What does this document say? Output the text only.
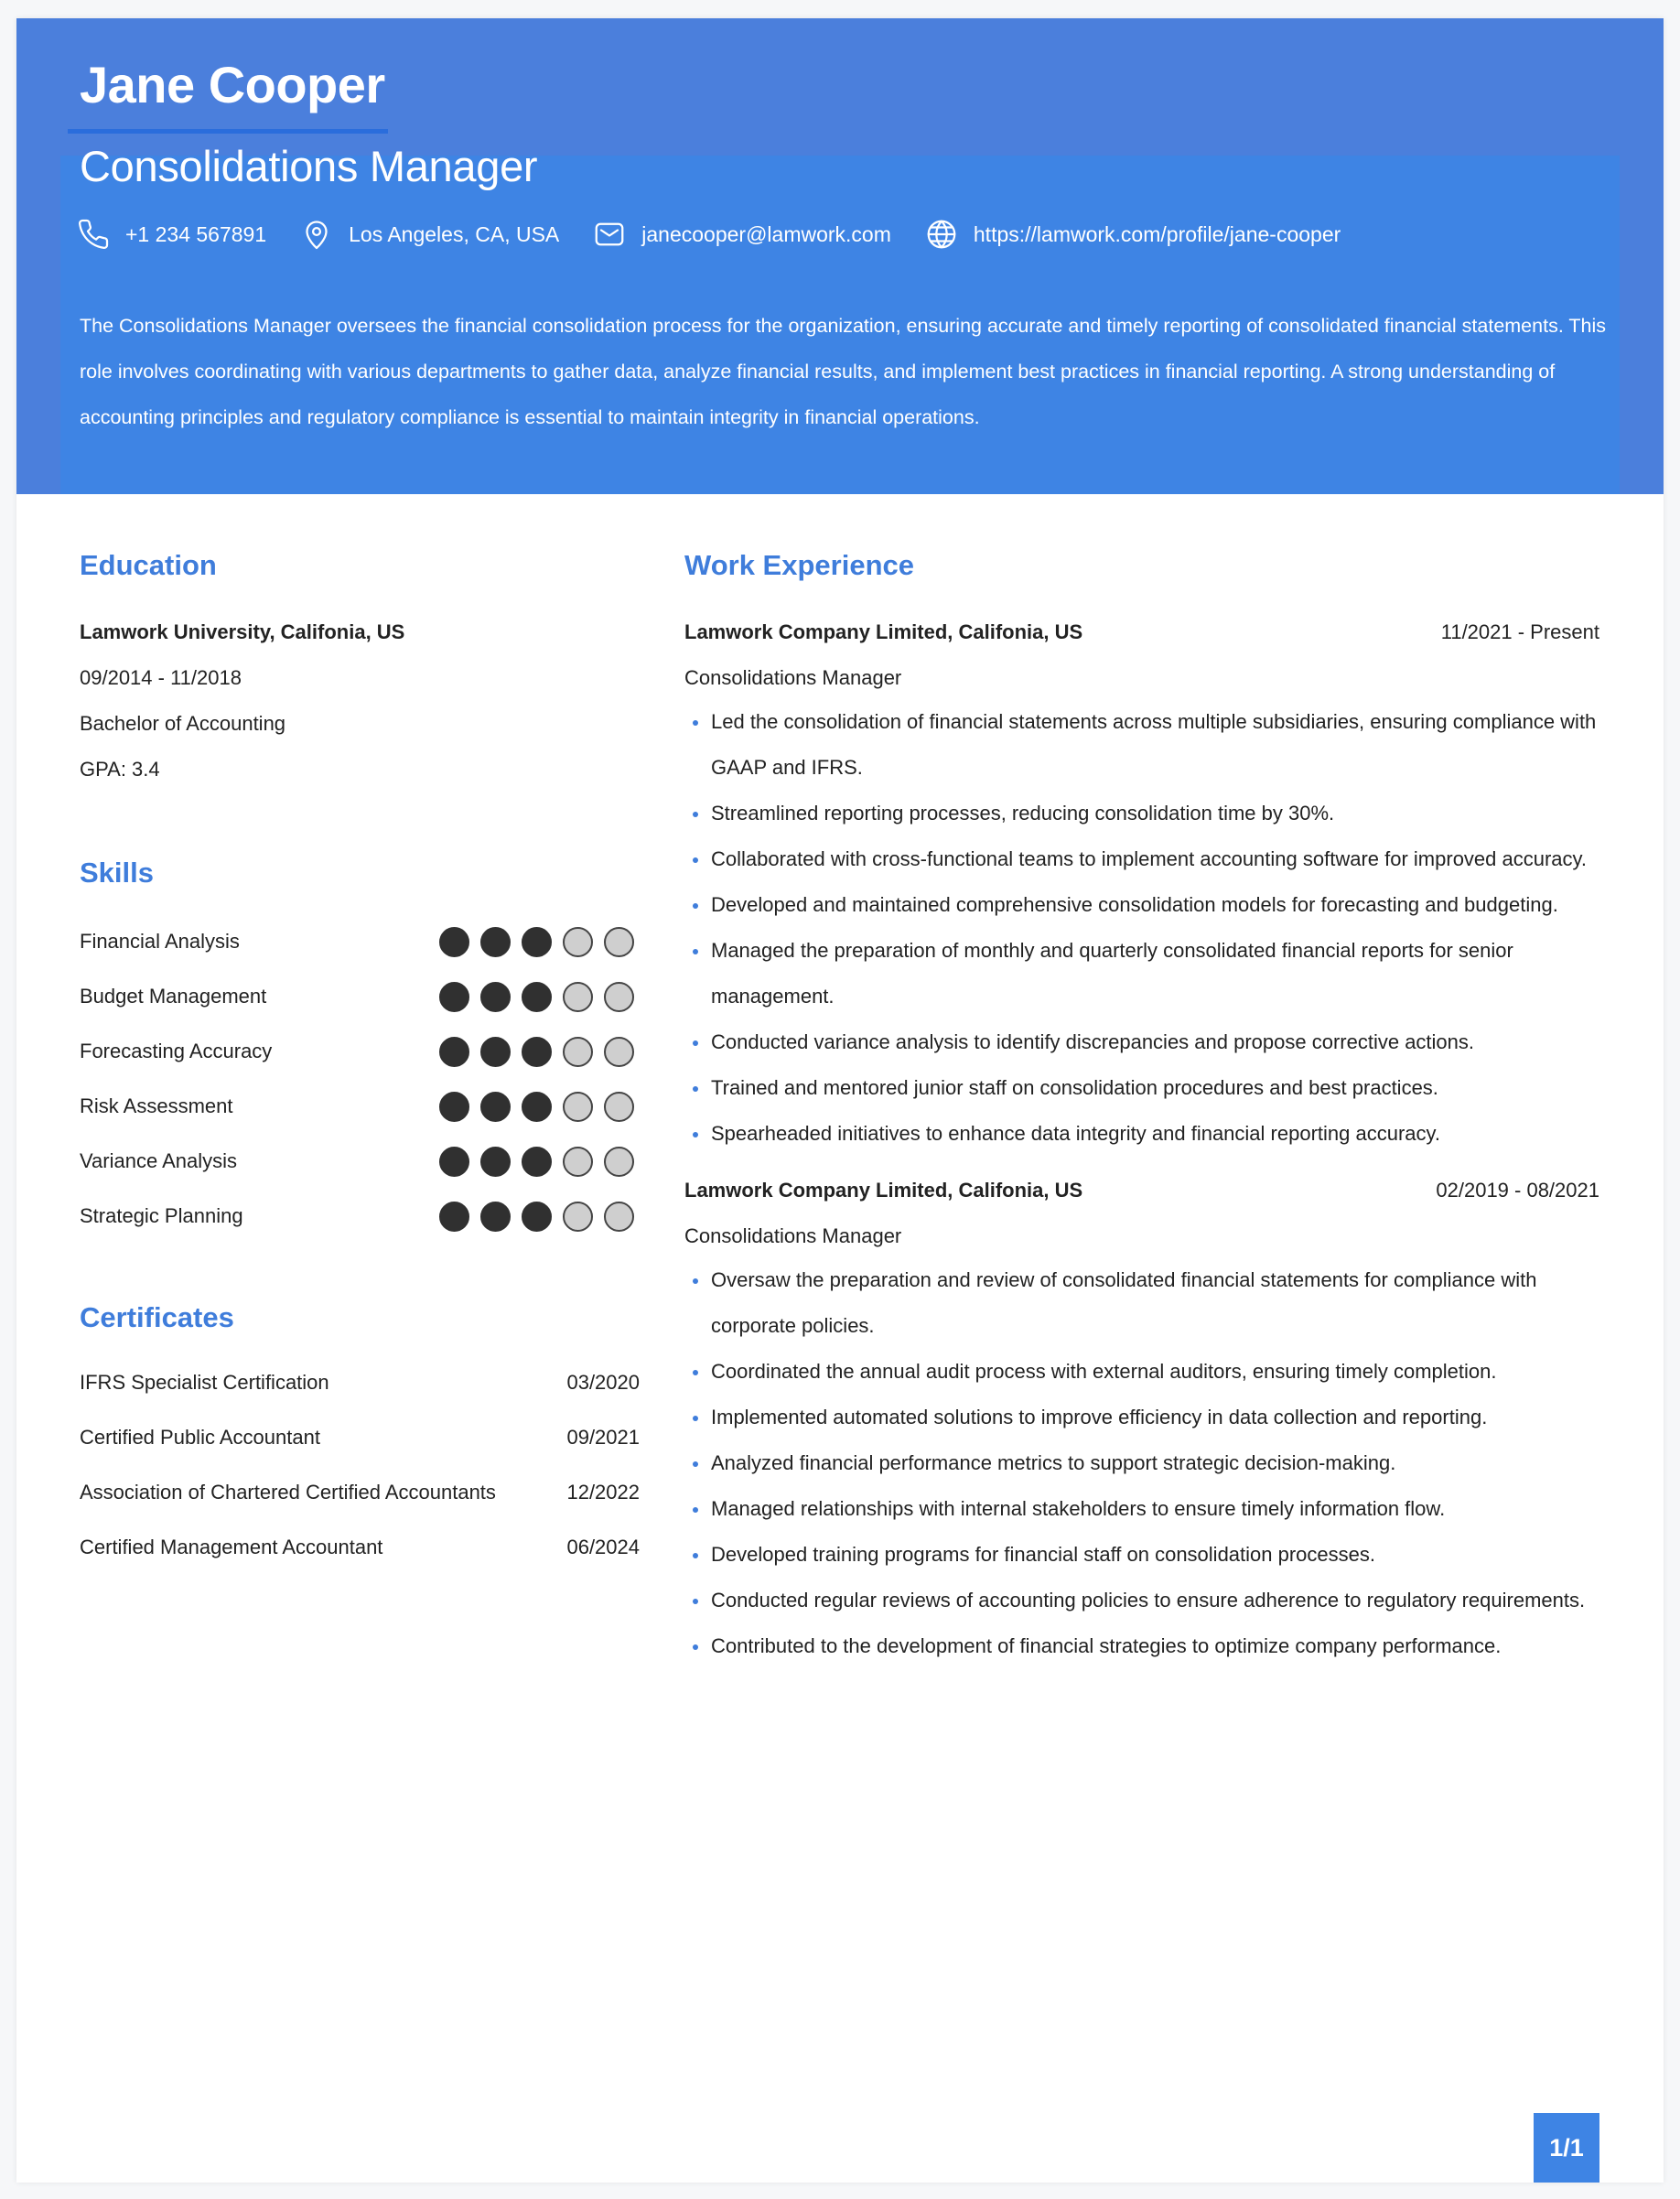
Jane Cooper
Consolidations Manager
+1 234 567891	Los Angeles, CA, USA	janecooper@lamwork.com	https://lamwork.com/profile/jane-cooper
The Consolidations Manager oversees the financial consolidation process for the organization, ensuring accurate and timely reporting of consolidated financial statements. This role involves coordinating with various departments to gather data, analyze financial results, and implement best practices in financial reporting. A strong understanding of accounting principles and regulatory compliance is essential to maintain integrity in financial operations.
Education
Lamwork University, Califonia, US
09/2014 - 11/2018
Bachelor of Accounting
GPA: 3.4
Skills
Financial Analysis
Budget Management
Forecasting Accuracy
Risk Assessment
Variance Analysis
Strategic Planning
Certificates
IFRS Specialist Certification	03/2020
Certified Public Accountant	09/2021
Association of Chartered Certified Accountants	12/2022
Certified Management Accountant	06/2024
Work Experience
Lamwork Company Limited, Califonia, US	11/2021 - Present
Consolidations Manager
Led the consolidation of financial statements across multiple subsidiaries, ensuring compliance with GAAP and IFRS.
Streamlined reporting processes, reducing consolidation time by 30%.
Collaborated with cross-functional teams to implement accounting software for improved accuracy.
Developed and maintained comprehensive consolidation models for forecasting and budgeting.
Managed the preparation of monthly and quarterly consolidated financial reports for senior management.
Conducted variance analysis to identify discrepancies and propose corrective actions.
Trained and mentored junior staff on consolidation procedures and best practices.
Spearheaded initiatives to enhance data integrity and financial reporting accuracy.
Lamwork Company Limited, Califonia, US	02/2019 - 08/2021
Consolidations Manager
Oversaw the preparation and review of consolidated financial statements for compliance with corporate policies.
Coordinated the annual audit process with external auditors, ensuring timely completion.
Implemented automated solutions to improve efficiency in data collection and reporting.
Analyzed financial performance metrics to support strategic decision-making.
Managed relationships with internal stakeholders to ensure timely information flow.
Developed training programs for financial staff on consolidation processes.
Conducted regular reviews of accounting policies to ensure adherence to regulatory requirements.
Contributed to the development of financial strategies to optimize company performance.
1/1
